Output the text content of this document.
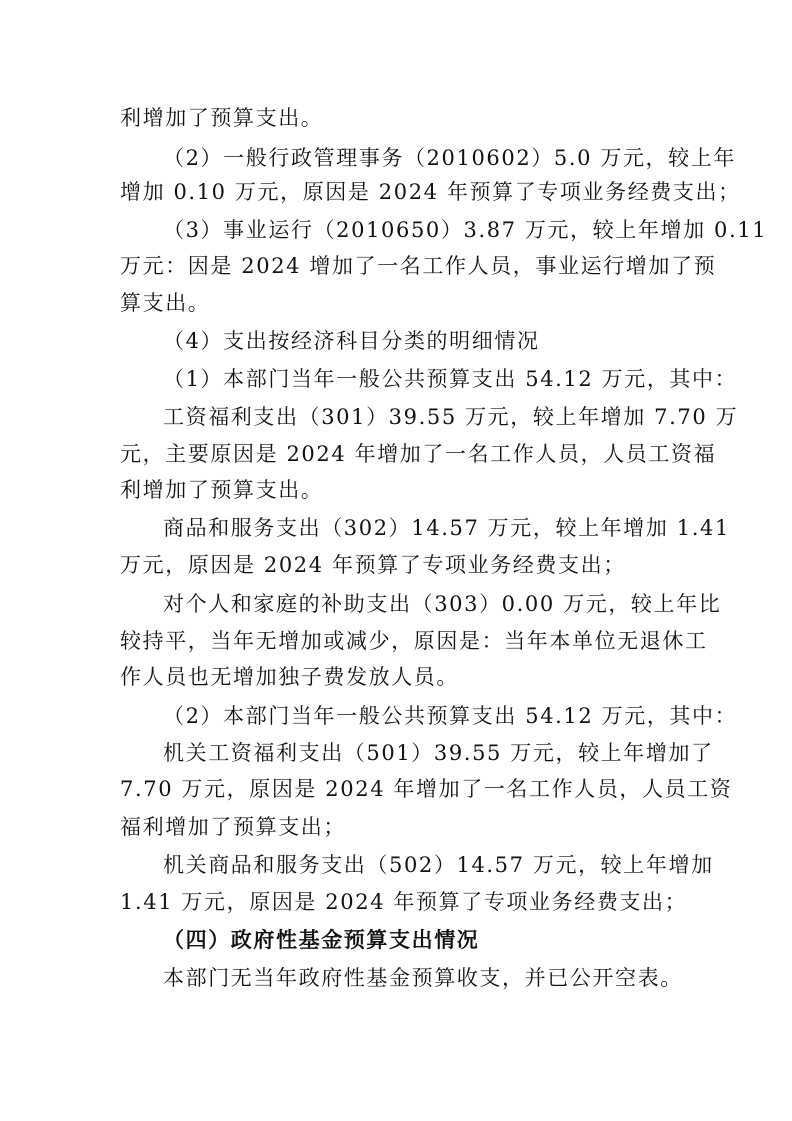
利增加了预算支出。
（2）一般行政管理事务（2010602）5.0 万元，较上年
增加 0.10 万元，原因是 2024 年预算了专项业务经费支出；
（3）事业运行（2010650）3.87 万元，较上年增加 0.11
万元：因是 2024 增加了一名工作人员，事业运行增加了预
算支出。
（4）支出按经济科目分类的明细情况
（1）本部门当年一般公共预算支出 54.12 万元，其中：
工资福利支出（301）39.55 万元，较上年增加 7.70 万
元，主要原因是 2024 年增加了一名工作人员，人员工资福
利增加了预算支出。
商品和服务支出（302）14.57 万元，较上年增加 1.41
万元，原因是 2024 年预算了专项业务经费支出；
对个人和家庭的补助支出（303）0.00 万元，较上年比
较持平，当年无增加或减少，原因是：当年本单位无退休工
作人员也无增加独子费发放人员。
（2）本部门当年一般公共预算支出 54.12 万元，其中：
机关工资福利支出（501）39.55 万元，较上年增加了
7.70 万元，原因是 2024 年增加了一名工作人员，人员工资
福利增加了预算支出；
机关商品和服务支出（502）14.57 万元，较上年增加
1.41 万元，原因是 2024 年预算了专项业务经费支出；
（四）政府性基金预算支出情况
本部门无当年政府性基金预算收支，并已公开空表。
